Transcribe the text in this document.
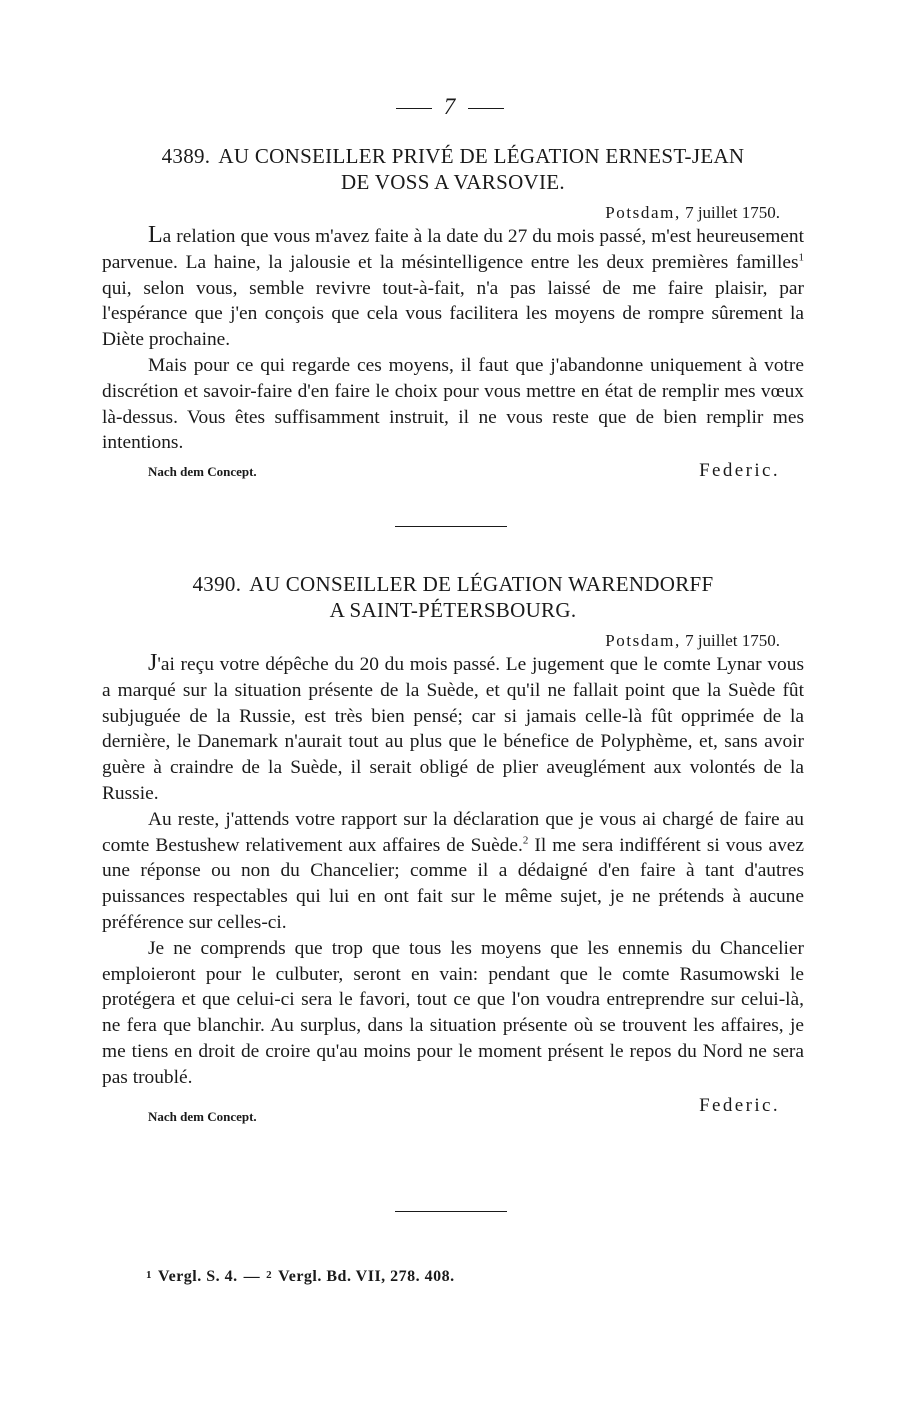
7
4389. AU CONSEILLER PRIVÉ DE LÉGATION ERNEST-JEAN
DE VOSS A VARSOVIE.
Potsdam, 7 juillet 1750.

La relation que vous m'avez faite à la date du 27 du mois passé, m'est heureusement parvenue. La haine, la jalousie et la mésintelligence entre les deux premières familles$^1$ qui, selon vous, semble revivre tout-à-fait, n'a pas laissé de me faire plaisir, par l'espérance que j'en conçois que cela vous facilitera les moyens de rompre sûrement la Diète prochaine.

Mais pour ce qui regarde ces moyens, il faut que j'abandonne uniquement à votre discrétion et savoir-faire d'en faire le choix pour vous mettre en état de remplir mes vœux là-dessus. Vous êtes suffisamment instruit, il ne vous reste que de bien remplir mes intentions.

Nach dem Concept.	Federic.
4390. AU CONSEILLER DE LÉGATION WARENDORFF
A SAINT-PÉTERSBOURG.
Potsdam, 7 juillet 1750.

J'ai reçu votre dépêche du 20 du mois passé. Le jugement que le comte Lynar vous a marqué sur la situation présente de la Suède, et qu'il ne fallait point que la Suède fût subjuguée de la Russie, est très bien pensé; car si jamais celle-là fût opprimée de la dernière, le Danemark n'aurait tout au plus que le bénefice de Polyphème, et, sans avoir guère à craindre de la Suède, il serait obligé de plier aveuglément aux volontés de la Russie.

Au reste, j'attends votre rapport sur la déclaration que je vous ai chargé de faire au comte Bestushew relativement aux affaires de Suède.$^2$ Il me sera indifférent si vous avez une réponse ou non du Chancelier; comme il a dédaigné d'en faire à tant d'autres puissances respectables qui lui en ont fait sur le même sujet, je ne prétends à aucune préférence sur celles-ci.

Je ne comprends que trop que tous les moyens que les ennemis du Chancelier emploieront pour le culbuter, seront en vain: pendant que le comte Rasumowski le protégera et que celui-ci sera le favori, tout ce que l'on voudra entreprendre sur celui-là, ne fera que blanchir. Au surplus, dans la situation présente où se trouvent les affaires, je me tiens en droit de croire qu'au moins pour le moment présent le repos du Nord ne sera pas troublé.

Nach dem Concept.
Federic.
1 Vergl. S. 4. — 2 Vergl. Bd. VII, 278. 408.
